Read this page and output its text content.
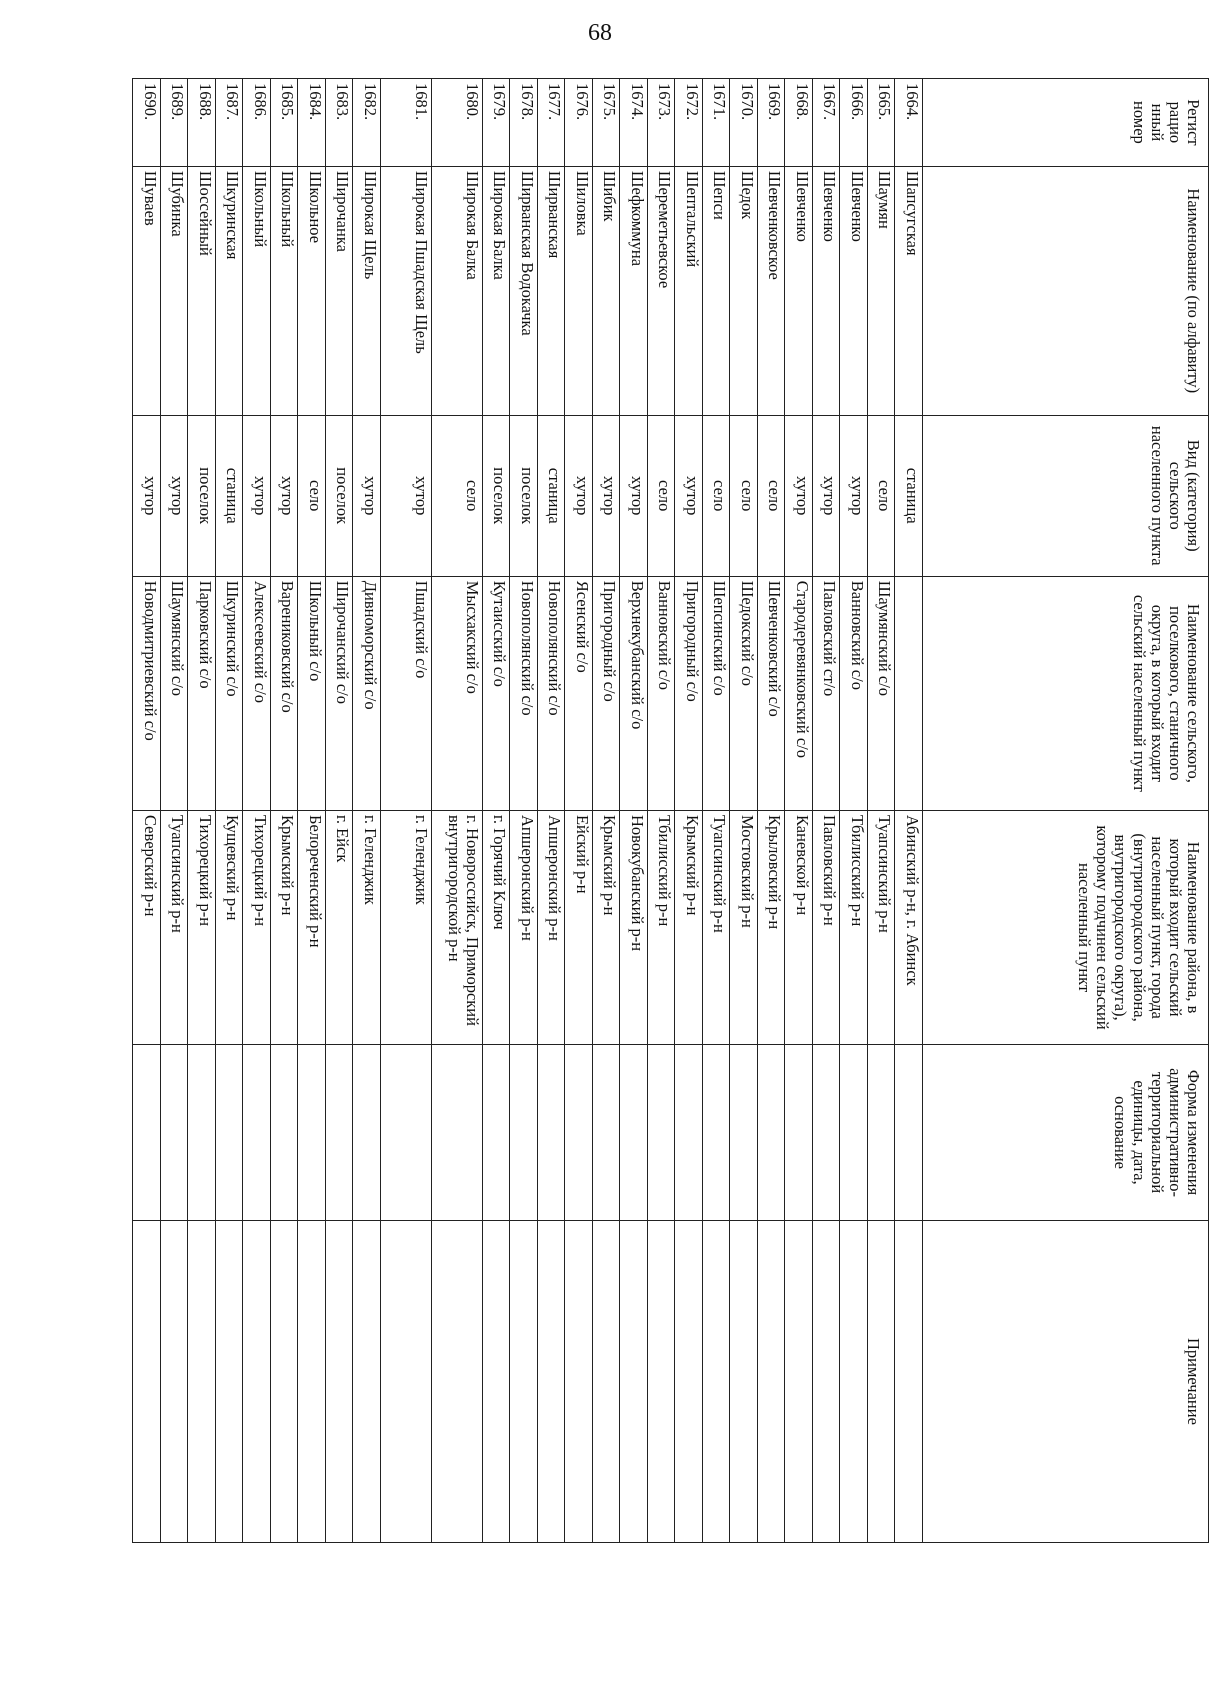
68
Регист рацио нный номер	Наименование (по алфавиту)	Вид (категория) сельского населенного пункта	Наименование сельского, поселкового, станичного округа, в который входит сельский населенный пункт	Наименование района, в который входит сельский населенный пункт, города (внутригородского района, внутригородского округа), которому подчинен сельский населенный пункт	Форма изменения административно-территориальной единицы, дата, основание	Примечание
1664.	Шапсугская	станица		Абинский р-н, г. Абинск		
1665.	Шаумян	село	Шаумянский с/о	Туапсинский р-н		
1666.	Шевченко	хутор	Ванновский с/о	Тбилисский р-н		
1667.	Шевченко	хутор	Павловский ст/о	Павловский р-н		
1668.	Шевченко	хутор	Стародеревянковский с/о	Каневской р-н		
1669.	Шевченковское	село	Шевченковский с/о	Крыловский р-н		
1670.	Шедок	село	Шедокский с/о	Мостовский р-н		
1671.	Шепси	село	Шепсинский с/о	Туапсинский р-н		
1672.	Шептальский	хутор	Пригородный с/о	Крымский р-н		
1673.	Шереметьевское	село	Ванновский с/о	Тбилисский р-н		
1674.	Шефкоммуна	хутор	Верхнекубанский с/о	Новокубанский р-н		
1675.	Шибик	хутор	Пригородный с/о	Крымский р-н		
1676.	Шиловка	хутор	Ясенский с/о	Ейский р-н		
1677.	Ширванская	станица	Новополянский с/о	Апшеронский р-н		
1678.	Ширванская Водокачка	поселок	Новополянский с/о	Апшеронский р-н		
1679.	Широкая Балка	поселок	Кутаисский с/о	г. Горячий Ключ		
1680.	Широкая Балка	село	Мысхакский с/о	г. Новороссийск, Приморский внутригородской р-н		
1681.	Широкая Пшадская Щель	хутор	Пшадский с/о	г. Геленджик		
1682.	Широкая Щель	хутор	Дивноморский с/о	г. Геленджик		
1683.	Широчанка	поселок	Широчанский с/о	г. Ейск		
1684.	Школьное	село	Школьный с/о	Белореченский р-н		
1685.	Школьный	хутор	Варениковский с/о	Крымский р-н		
1686.	Школьный	хутор	Алексеевский с/о	Тихорецкий р-н		
1687.	Шкуринская	станица	Шкуринский с/о	Кущевский р-н		
1688.	Шоссейный	поселок	Парковский с/о	Тихорецкий р-н		
1689.	Шубинка	хутор	Шаумянский с/о	Туапсинский р-н		
1690.	Шуваев	хутор	Новодмитриевский с/о	Северский р-н		
